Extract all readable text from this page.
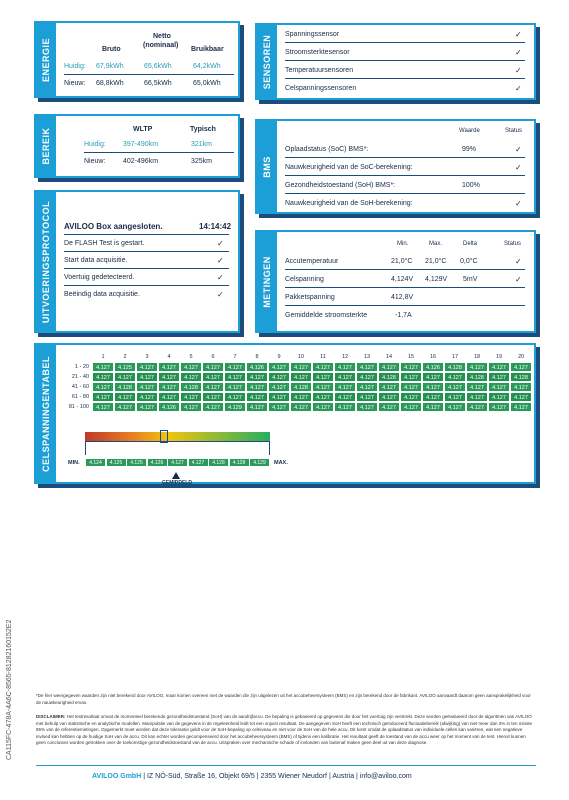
CA115FC-478A-4A6C-8565-81282160152E2
ENERGIE	Bruto
Netto
(nominaal)
Bruikbaar
Huidig: 67,9kWh	65,6kWh	64,2kWh
Nieuw: 68,8kWh	66,5kWh	65,0kWh	SENSOREN Spanningssensor	✓
Stroomsterktesensor	✓
Temperatuursensoren	✓
Celspanningssensoren	✓
BEREIK	WLTP	Typisch
Huidig: 397-490km	321km
Nieuw:	402-496km	325km	BMS
Waarde	Status
Oplaadstatus (SoC) BMS*:	99%	✓
Nauwkeurigheid van de SoC-berekening:	✓
Gezondheidstoestand (SoH) BMS*:	100%
Nauwkeurigheid van de SoH-berekening:	✓
UITVOERINGSPROTOCOL AVILOO Box aangesloten.	14:14:42
De FLASH Test is gestart.	✓
Start data acquisitie.	✓
Voertuig gedetecteerd.	✓
Beëindig data acquisitie.	✓	METINGEN
Min.	Max.	Delta	Status
Accutemperatuur	21,0°C 21,0°C 0,0°C	✓
Celspanning	4,124V 4,129V 5mV	✓
Pakketspanning	412,8V
Gemiddelde stroomsterkte	-1,7A
CELSPANNINGENTABEL	1	2	3	4	5	6	7	8	9	10	11	12	13	14	15	16	17	18	19	20
1 - 20	4.127	4.125	4.127	4.127	4.127	4.127	4.127	4.126	4.127	4.127	4.127	4.127	4.127	4.127	4.127	4.126	4.128	4.127	4.127	4.127
21 - 40	4.127	4.127	4.127	4.127	4.127	4.127	4.127	4.127	4.127	4.127	4.127	4.127	4.127	4.128	4.127	4.127	4.127	4.128	4.127	4.128
41 - 60	4.127	4.128	4.127	4.127	4.128	4.127	4.127	4.127	4.127	4.128	4.127	4.127	4.127	4.127	4.127	4.127	4.127	4.127	4.127	4.127
61 - 80	4.127	4.127	4.127	4.127	4.127	4.127	4.127	4.127	4.127	4.127	4.127	4.127	4.127	4.127	4.127	4.127	4.127	4.127	4.127	4.127
81 - 100	4.127	4.127	4.127	4.126	4.127	4.127	4.129	4.127	4.127	4.127	4.127	4.127	4.127	4.127	4.127	4.127	4.127	4.127	4.127	4.127
MIN.	4.124	4.125	4.125	4.126	4.127	4.127	4.128	4.128	4.129	MAX.
GEMIDDELD
*De hier weergegeven waarden zijn niet berekend door AVILOO, maar komen overeen met de waarden die zijn uitgelezen uit het accubeheersysteem (BMS) en zijn berekend door de fabrikant. AVILOO aanvaardt daarom geen aansprakelijkheid voor de nauwkeurigheid ervan.
DISCLAIMER: Het testresultaat omvat de momenteel berekende gezondheidstoestand (SoH) van de aandrijfaccu. De bepaling is gebaseerd op gegevens die door het voertuig zijn verstrekt. Deze worden geëvalueerd door de algoritmen van AVILOO met behulp van statistische en analytische modellen. Manipulatie van de gegevens in de regeleenheid leidt tot een onjuist resultaat. De aangegeven SoH heeft een technisch geïnduceerd fluctuatiebereik (afwijking) van niet meer dan 3% in ten minste 95% van de referentiemetingen. Opgemerkt moet worden dat deze tolerantie geldt voor de SoH-bepaling op celniveau en niet voor de SoH van de hele accu. Dit komt omdat de oplaadstatus van individuele cellen kan variëren, wat een negatieve invloed kan hebben op de huidige SoH van de accu. Dit kan echter worden gecompenseerd door het accubeheersysteem (BMS) of tijdens een kalibratie. Het resultaat geeft de toestand van de accu weer op het moment van de test. Hieruit kunnen geen conclusies worden getrokken over de toekomstige gezondheidstoestand van de accu. Uitspraken over mechanische schade of invloeden van buitenaf maken geen deel uit van deze diagnose.
AVILOO GmbH | IZ NÖ-Süd, Straße 16, Objekt 69/5 | 2355 Wiener Neudorf | Austria | info@aviloo.com
